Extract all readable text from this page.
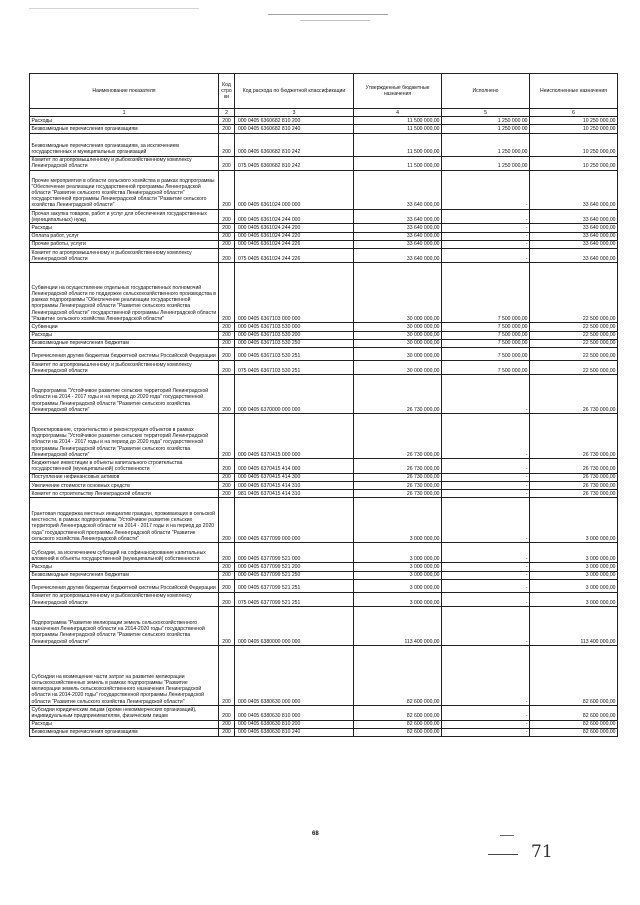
Наименование показателя	Код стро ки	Код расхода по бюджетной классификации	Утвержденные бюджетные назначения	Исполнено	Неисполненные назначения
1	2	3	4	5	6
Расходы	200	000 0405 6360682 810 200	11 500 000,00	1 250 000 00	10 250 000,00
Безвозмездные перечисления организациям	200	000 0405 6360682 810 240	11 500 000,00	1 250 000 00	10 250 000,00
Безвозмездные перечисления организациям, за исключением государственных и муниципальных организаций	200	000 0405 6360682 810 242	11 500 000,00	1 250 000,00	10 250 000,00
Комитет по агропромышленному и рыбохозяйственному комплексу Ленинградской области	200	075 0405 6360682 810 242	11 500 000,00	1 250 000,00	10 250 000,00
Прочие мероприятия в области сельского хозяйства в рамках подпрограммы "Обеспечение реализации государственной программы Ленинградской области "Развитие сельского хозяйства Ленинградской области" государственной программы Ленинградской области "Развитие сельского хозяйства Ленинградской области"	200	000 0405 6361024 000 000	33 640 000,00	-	33 640 000,00
Прочая закупка товаров, работ и услуг для обеспечения государственных (муниципальных) нужд	200	000 0405 6361024 244 000	33 640 000,00	-	33 640 000,00
Расходы	200	000 0405 6361024 244 200	33 640 000,00	-	33 640 000,00
Оплата работ, услуг	200	000 0405 6361024 244 220	33 640 000,00	-	33 640 000,00
Прочие работы, услуги	200	000 0405 6361024 244 226	33 640 000,00	-	33 640 000,00
Комитет по агропромышленному и рыбохозяйственному комплексу Ленинградской области	200	075 0405 6361024 244 226	33 640 000,00	-	33 640 000,00
Субвенции на осуществление отдельных государственных полномочий Ленинградской области по поддержке сельскохозяйственного производства в рамках подпрограммы "Обеспечение реализации государственной программы Ленинградской области "Развитие сельского хозяйства Ленинградской области" государственной программы Ленинградской области "Развитие сельского хозяйства Ленинградской области"	200	000 0405 6367103 000 000	30 000 000,00	7 500 000,00	22 500 000,00
Субвенции	200	000 0405 6367103 530 000	30 000 000,00	7 500 000,00	22 500 000,00
Расходы	200	000 0405 6367103 530 200	30 000 000,00	7 500 000,00	22 500 000,00
Безвозмездные перечисления бюджетам	200	000 0405 6367103 530 250	30 000 000,00	7 500 000,00	22 500 000,00
Перечисления другим бюджетам бюджетной системы Российской Федерации	200	000 0405 6367103 530 251	30 000 000,00	7 500 000,00	22 500 000,00
Комитет по агропромышленному и рыбохозяйственному комплексу Ленинградской области	200	075 0405 6367103 530 251	30 000 000,00	7 500 000,00	22 500 000,00
Подпрограмма "Устойчивое развитие сельских территорий Ленинградской области на 2014 - 2017 годы и на период до 2020 года" государственной программы Ленинградской области "Развитие сельского хозяйства Ленинградской области"	200	000 0405 6370000 000 000	26 730 000,00	-	26 730 000,00
Проектирование, строительство и реконструкция объектов в рамках подпрограммы "Устойчивое развитие сельских территорий Ленинградской области на 2014 - 2017 годы и на период до 2020 года" государственной программы Ленинградской области "Развитие сельского хозяйства Ленинградской области"	200	000 0405 6370415 000 000	26 730 000,00	-	26 730 000,00
Бюджетные инвестиции в объекты капитального строительства государственной (муниципальной) собственности	200	000 0405 6370415 414 000	26 730 000,00	-	26 730 000,00
Поступление нефинансовых активов	200	000 0405 6370415 414 300	26 730 000,00	-	26 730 000,00
Увеличение стоимости основных средств	200	000 0405 6370415 414 310	26 730 000,00	-	26 730 000,00
Комитет по строительству Ленинградской области	200	981 0405 6370415 414 310	26 730 000,00	-	26 730 000,00
Грантовая поддержка местных инициатив граждан, проживающих в сельской местности, в рамках подпрограммы "Устойчивое развитие сельских территорий Ленинградской области на 2014 - 2017 годы и на период до 2020 года" государственной программы Ленинградской области "Развитие сельского хозяйства Ленинградской области"	200	000 0405 6377099 000 000	3 000 000,00	-	3 000 000,00
Субсидии, за исключением субсидий на софинансирование капитальных вложений в объекты государственной (муниципальной) собственности	200	000 0405 6377099 521 000	3 000 000,00	-	3 000 000,00
Расходы	200	000 0405 6377099 521 200	3 000 000,00	-	3 000 000,00
Безвозмездные перечисления бюджетам	200	000 0405 6377099 521 250	3 000 000,00	-	3 000 000,00
Перечисления другим бюджетам бюджетной системы Российской Федерации	200	000 0405 6377099 521 251	3 000 000,00	-	3 000 000,00
Комитет по агропромышленному и рыбохозяйственному комплексу Ленинградской области	200	075 0405 6377099 521 251	3 000 000,00	-	3 000 000,00
Подпрограмма "Развитие мелиорации земель сельскохозяйственного назначения Ленинградской области на 2014-2020 годы" государственной программы Ленинградской области "Развитие сельского хозяйства Ленинградской области"	200	000 0405 6380000 000 000	113 400 000,00	-	113 400 000,00
Субсидии на возмещение части затрат на развитие мелиорации сельскохозяйственных земель в рамках подпрограммы "Развитие мелиорации земель сельскохозяйственного назначения Ленинградской области на 2014-2020 годы" государственной программы Ленинградской области "Развитие сельского хозяйства Ленинградской области"	200	000 0405 6380630 000 000	82 600 000,00	-	82 600 000,00
Субсидии юридическим лицам (кроме некоммерческих организаций), индивидуальным предпринимателям, физическим лицам	200	000 0405 6380630 810 000	82 600 000,00	-	82 600 000,00
Расходы	200	000 0405 6380630 810 200	82 600 000,00	-	82 600 000,00
Безвозмездные перечисления организациям	200	000 0405 6380630 810 240	82 600 000,00	-	82 600 000,00
68
71
